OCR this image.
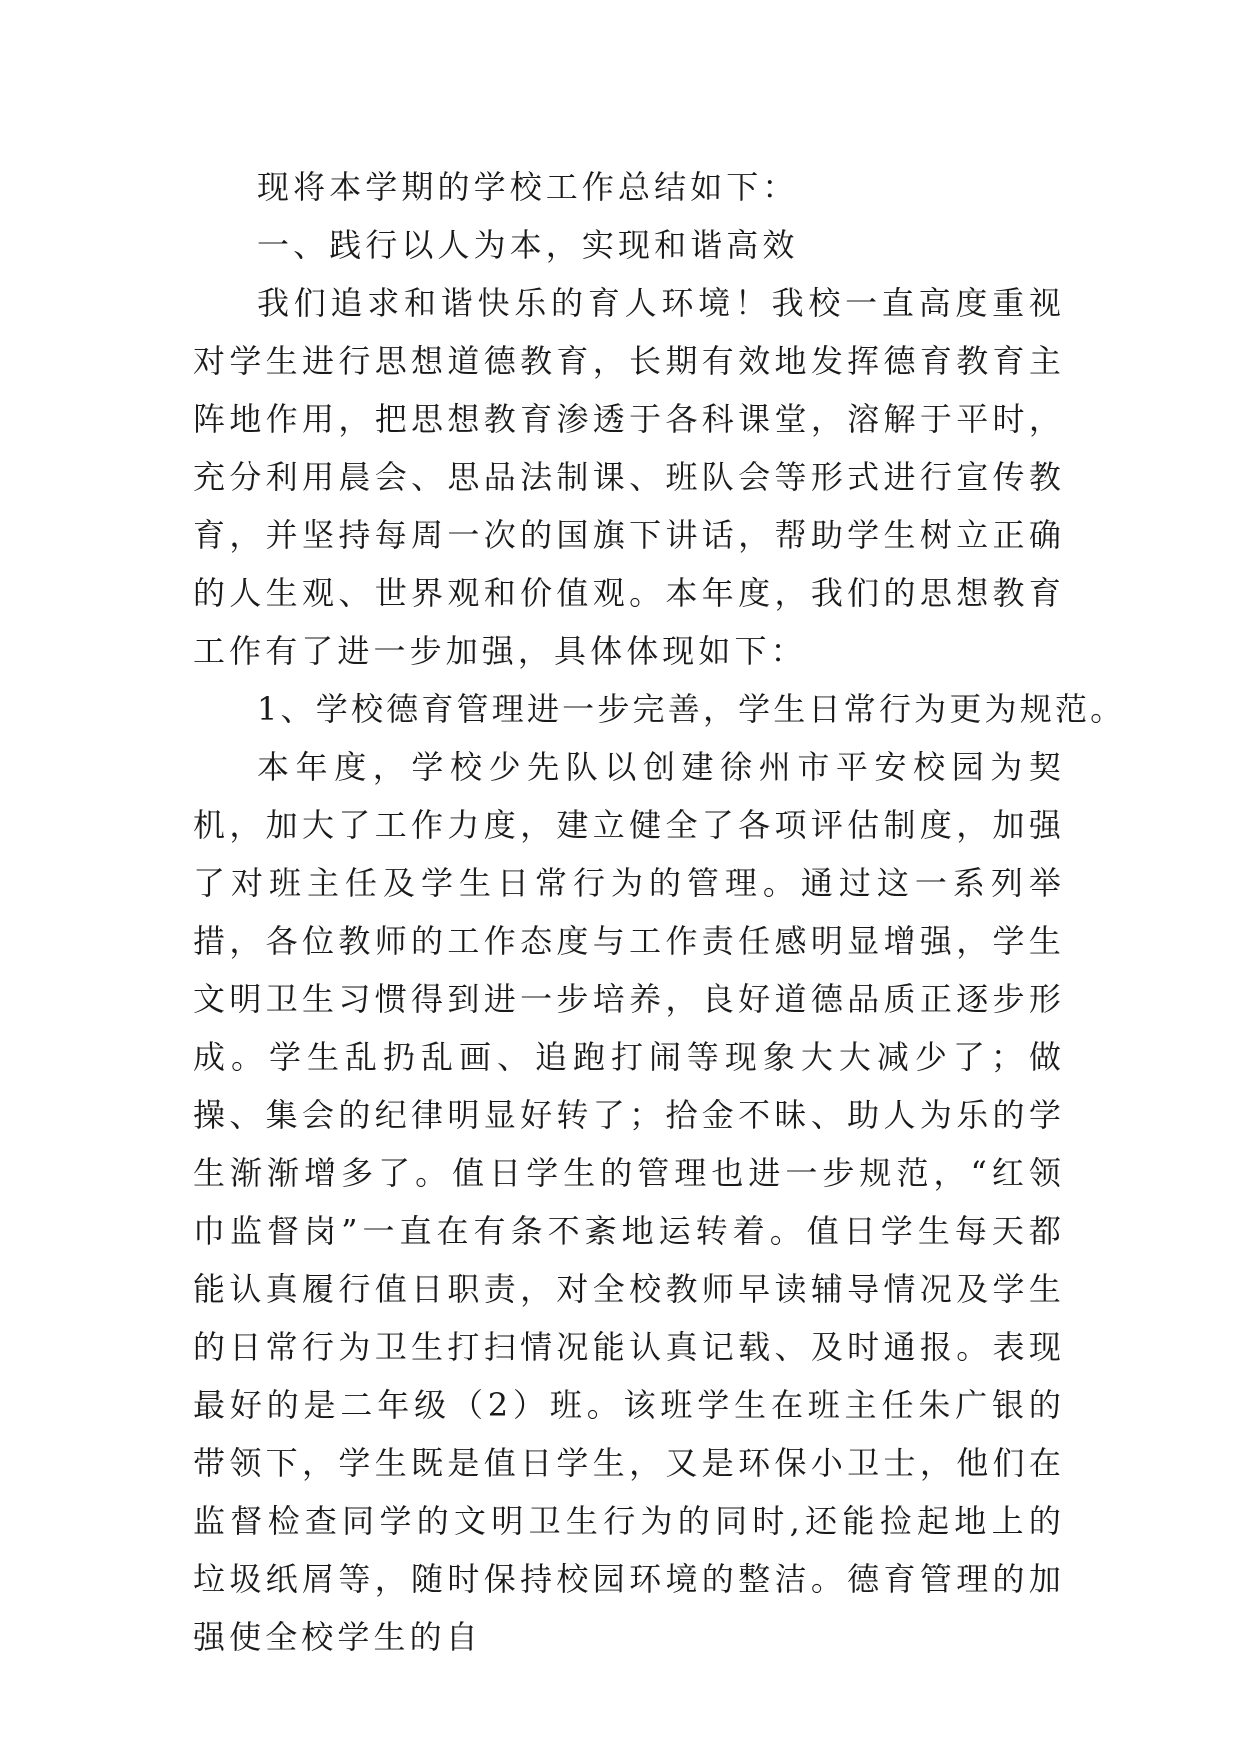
现将本学期的学校工作总结如下：

一、践行以人为本，实现和谐高效

我们追求和谐快乐的育人环境！我校一直高度重视对学生进行思想道德教育，长期有效地发挥德育教育主阵地作用，把思想教育渗透于各科课堂，溶解于平时，充分利用晨会、思品法制课、班队会等形式进行宣传教育，并坚持每周一次的国旗下讲话，帮助学生树立正确的人生观、世界观和价值观。本年度，我们的思想教育工作有了进一步加强，具体体现如下：

1、学校德育管理进一步完善，学生日常行为更为规范。

本年度，学校少先队以创建徐州市平安校园为契机，加大了工作力度，建立健全了各项评估制度，加强了对班主任及学生日常行为的管理。通过这一系列举措，各位教师的工作态度与工作责任感明显增强，学生文明卫生习惯得到进一步培养，良好道德品质正逐步形成。学生乱扔乱画、追跑打闹等现象大大减少了；做操、集会的纪律明显好转了；拾金不昧、助人为乐的学生渐渐增多了。值日学生的管理也进一步规范，“红领巾监督岗”一直在有条不紊地运转着。值日学生每天都能认真履行值日职责，对全校教师早读辅导情况及学生的日常行为卫生打扫情况能认真记载、及时通报。表现最好的是二年级（2）班。该班学生在班主任朱广银的带领下，学生既是值日学生，又是环保小卫士，他们在监督检查同学的文明卫生行为的同时,还能捡起地上的垃圾纸屑等，随时保持校园环境的整洁。德育管理的加强使全校学生的自
